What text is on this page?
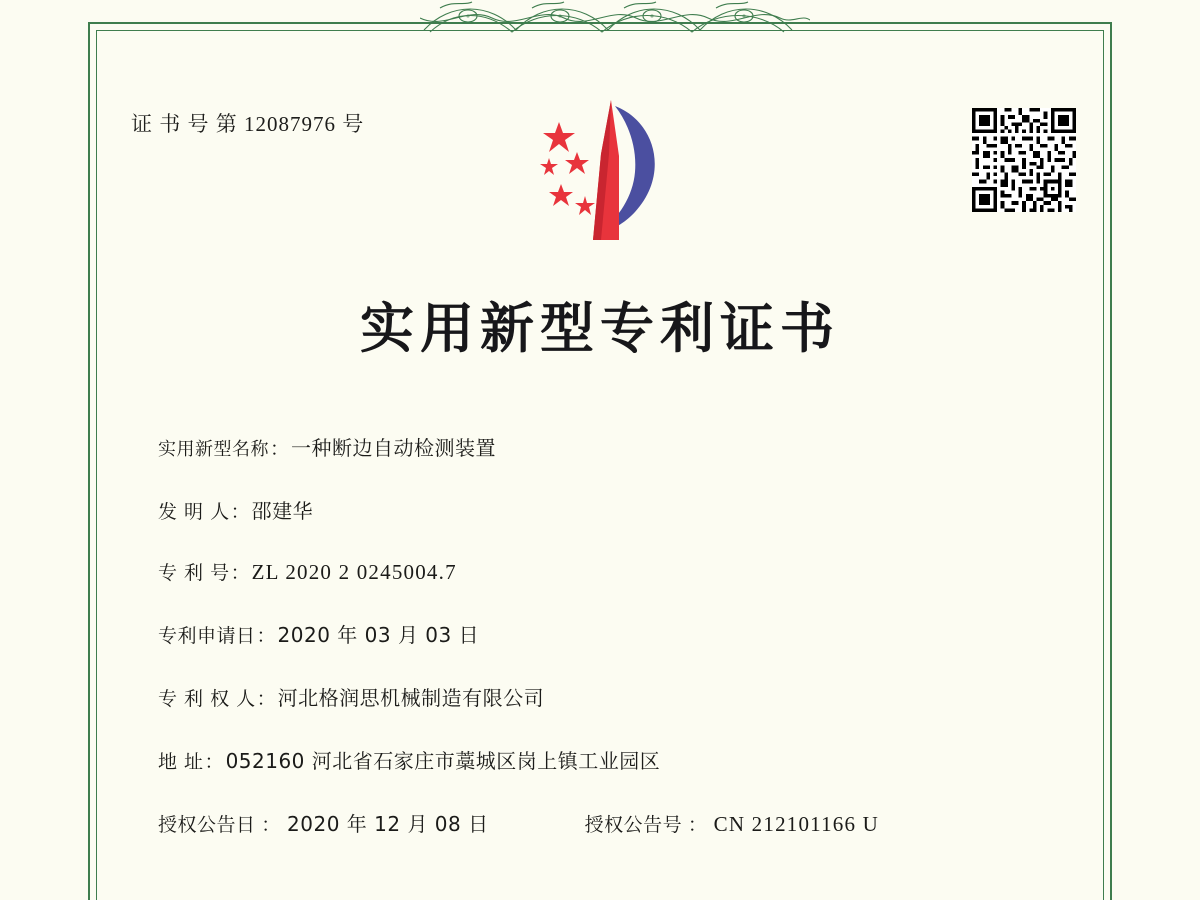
证 书 号 第 12087976 号
实用新型专利证书
实用新型名称 ： 一种断边自动检测装置
发 明 人 ： 邵建华
专 利 号 ： ZL 2020 2 0245004.7
专利申请日 ： 2020 年 03 月 03 日
专 利 权 人 ： 河北格润思机械制造有限公司
地 址 ： 052160 河北省石家庄市藁城区岗上镇工业园区
授权公告日 ： 2020 年 12 月 08 日	授权公告号 ： CN 212101166 U
